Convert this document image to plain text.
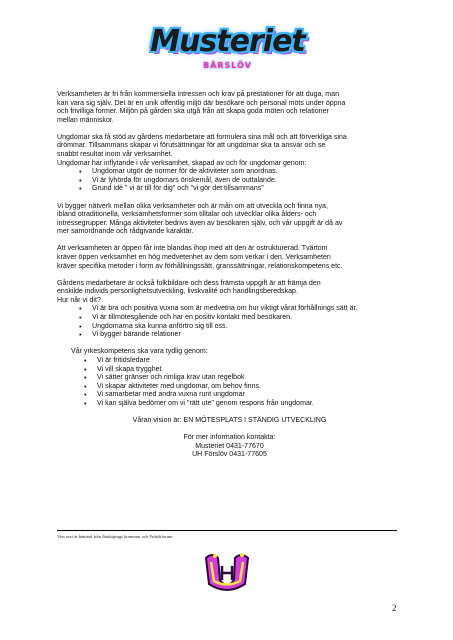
Musteriet
BÅRSLÖV

Verksamheten är fri från kommersiella intressen och krav på prestationer för att duga, man
kan vara sig själv. Det är en unik offentlig miljö där besökare och personal möts under öppna
och frivilliga former. Miljön på gården ska utgå från att skapa goda möten och relationer
mellan människor.

Ungdomar ska få stöd av gårdens medarbetare att formulera sina mål och att förverkliga sina
drömmar. Tillsammans skapar vi förutsättningar för att ungdomar ska ta ansvar och se
snabbt resultat inom vår verksamhet.
Ungdomar har inflytande i vår verksamhet, skapad av och för ungdomar genom:
• Ungdomar utgör de normer för de aktiviteter som anordnas.
• Vi är lyhörda för ungdomars önskemål, även de outtalande.
• Grund idé " vi är till för dig" och "vi gör det tillsammans"

Vi bygger nätverk mellan olika verksamheter och är mån om att utveckla och finna nya,
ibland otraditionella, verksamhetsformer som tilltalar och utvecklar olika ålders- och
intressegrupper. Många aktiviteter bedrivs även av besökaren själv, och vår uppgift är då av
mer samordnande och rådgivande karaktär.

Att verksamheten är öppen får inte blandas ihop med att den är ostrukturerad. Tvärtom
kräver öppen verksamhet en hög medvetenhet av dem som verkar i den. Verksamheten
kräver specifika metoder i form av förhållningssätt, granssättningar, relationskompetens etc.

Gårdens medarbetare är också folkbildare och dess främsta uppgift är att främja den
enskilde individs personlighetsutveckling, livskvalité och handlingsberedskap.
Hur når vi dit?
• Vi är bra och positiva vuxna som är medvetna om hur viktigt vårat förhållnings sätt är.
• Vi är tillmötesgående och har en positiv kontakt med besökaren.
• Ungdomarna ska kunna anförtro sig till oss.
• Vi bygger bärande relationer
Vår yrkeskompetens ska vara tydlig genom:
• Vi är fritidsledare
• Vi vill skapa trygghet
• Vi sätter gränser och rimliga krav utan regelbok
• Vi skapar aktiviteter med ungdomar, om behov finns.
• Vi samarbetar med andra vuxna runt ungdomar
• Vi kan själva bedömer om vi "rätt ute" genom respons från ungdomar.

Våran vision är: EN MÖTESPLATS I STÄNDIG UTVECKLING

För mer information kontakta:
Musteriet 0431-77670
UH Förslöv 0431-77605
Viss text är hämtad från Jönköpings kommun och Fritidsforum
2
